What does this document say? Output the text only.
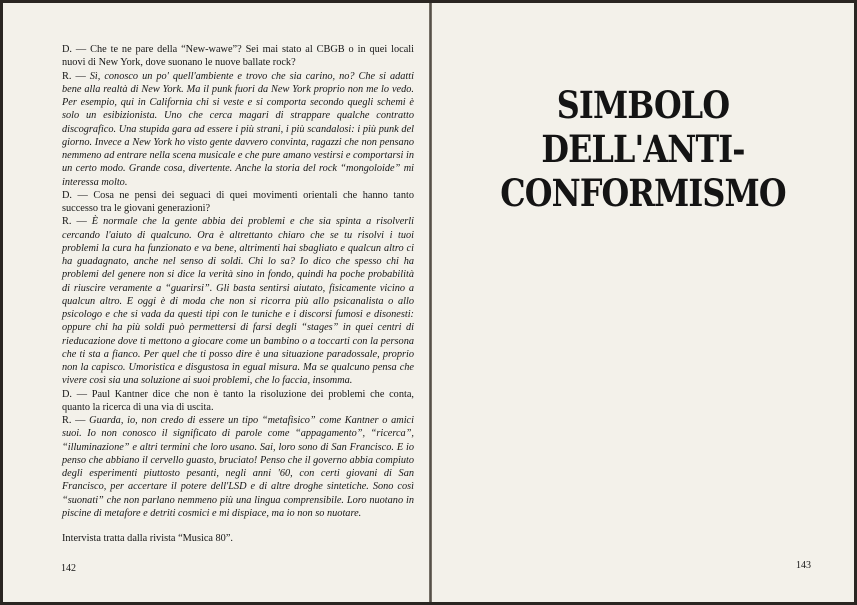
D. — Che te ne pare della “New-wawe”? Sei mai stato al CBGB o in quei locali nuovi di New York, dove suonano le nuove ballate rock?

R. — Sì, conosco un po' quell'ambiente e trovo che sia carino, no? Che si adatti bene alla realtà di New York. Ma il punk fuori da New York proprio non me lo vedo. Per esempio, qui in California chi si veste e si comporta secondo quegli schemi è solo un esibizionista. Uno che cerca magari di strappare qualche contratto discografico. Una stupida gara ad essere i più strani, i più scandalosi: i più punk del giorno. Invece a New York ho visto gente davvero convinta, ragazzi che non pensano nemmeno ad entrare nella scena musicale e che pure amano vestirsi e comportarsi in un certo modo. Grande cosa, divertente. Anche la storia del rock “mongoloide” mi interessa molto.

D. — Cosa ne pensi dei seguaci di quei movimenti orientali che hanno tanto successo tra le giovani generazioni?

R. — È normale che la gente abbia dei problemi e che sia spinta a risolverli cercando l'aiuto di qualcuno. Ora è altrettanto chiaro che se tu risolvi i tuoi problemi la cura ha funzionato e va bene, altrimenti hai sbagliato e qualcun altro ci ha guadagnato, anche nel senso di soldi. Chi lo sa? Io dico che spesso chi ha problemi del genere non si dice la verità sino in fondo, quindi ha poche probabilità di riuscire veramente a “guarirsi”. Gli basta sentirsi aiutato, fisicamente vicino a qualcun altro. E oggi è di moda che non si ricorra più allo psicanalista o allo psicologo e che si vada da questi tipi con le tuniche e i discorsi fumosi e disonesti: oppure chi ha più soldi può permettersi di farsi degli “stages” in quei centri di rieducazione dove ti mettono a giocare come un bambino o a toccarti con la persona che ti sta a fianco. Per quel che ti posso dire è una situazione paradossale, proprio non la capisco. Umoristica e disgustosa in egual misura. Ma se qualcuno pensa che vivere così sia una soluzione ai suoi problemi, che lo faccia, insomma.

D. — Paul Kantner dice che non è tanto la risoluzione dei problemi che conta, quanto la ricerca di una via di uscita.

R. — Guarda, io, non credo di essere un tipo “metafisico” come Kantner o amici suoi. Io non conosco il significato di parole come “appagamento”, “ricerca”, “illuminazione” e altri termini che loro usano. Sai, loro sono di San Francisco. E io penso che abbiano il cervello guasto, bruciato! Penso che il governo abbia compiuto degli esperimenti piuttosto pesanti, negli anni '60, con certi giovani di San Francisco, per accertare il potere dell'LSD e di altre droghe sintetiche. Sono così “suonati” che non parlano nemmeno più una lingua comprensibile. Loro nuotano in piscine di metafore e detriti cosmici e mi dispiace, ma io non so nuotare.

Intervista tratta dalla rivista “Musica 80”.

142
SIMBOLO
DELL'ANTI-
CONFORMISMO
143
